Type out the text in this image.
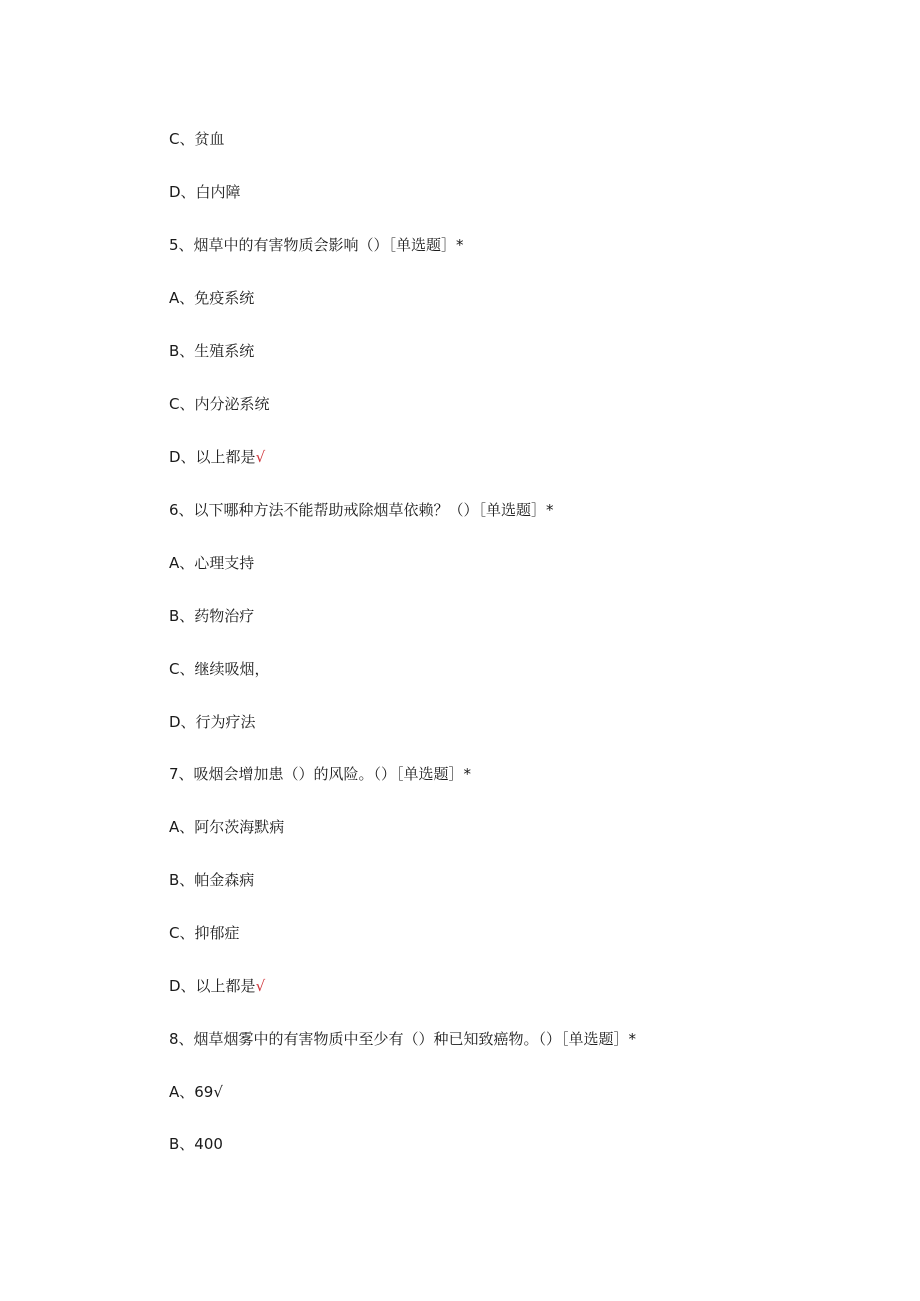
C、贫血
D、白内障
5、烟草中的有害物质会影响（）［单选题］*
A、免疫系统
B、生殖系统
C、内分泌系统
D、以上都是√
6、以下哪种方法不能帮助戒除烟草依赖？（）［单选题］*
A、心理支持
B、药物治疗
C、继续吸烟，
D、行为疗法
7、吸烟会增加患（）的风险。（）［单选题］*
A、阿尔茨海默病
B、帕金森病
C、抑郁症
D、以上都是√
8、烟草烟雾中的有害物质中至少有（）种已知致癌物。（）［单选题］*
A、69√
B、400
